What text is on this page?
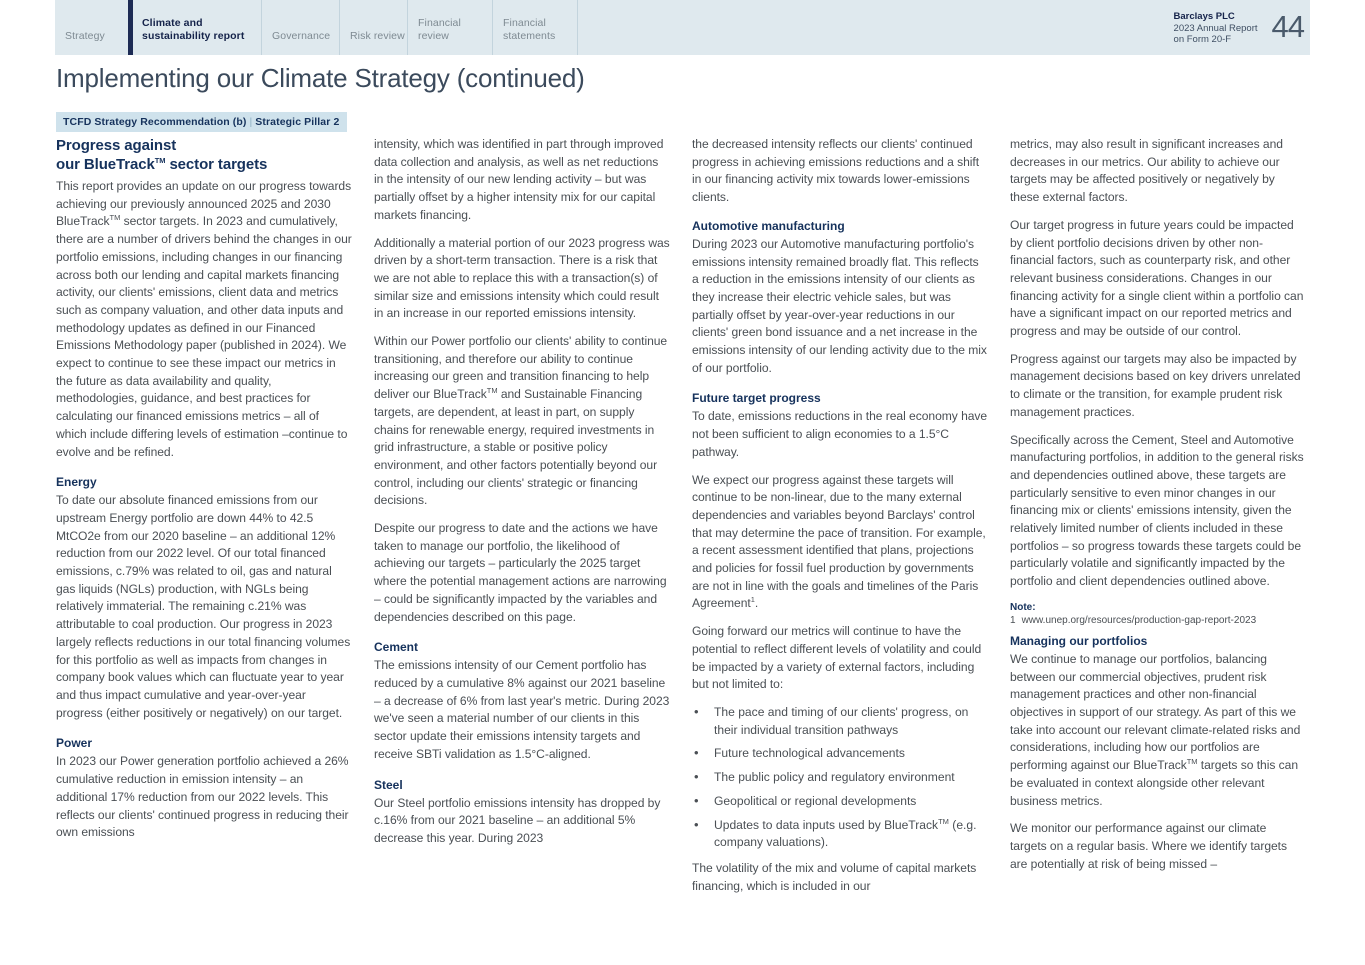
Strategy
Climate and sustainability report	Governance Risk review
Financial review
Financial statements
Barclays PLC
2023 Annual Report
on Form 20-F	44
Implementing our Climate Strategy (continued)
TCFD Strategy Recommendation (b) | Strategic Pillar 2
Progress against
our BlueTrack™ sector targets

This report provides an update on our progress towards achieving our previously announced 2025 and 2030 BlueTrack™ sector targets. In 2023 and cumulatively, there are a number of drivers behind the changes in our portfolio emissions, including changes in our financing across both our lending and capital markets financing activity, our clients' emissions, client data and metrics such as company valuation, and other data inputs and methodology updates as defined in our Financed Emissions Methodology paper (published in 2024). We expect to continue to see these impact our metrics in the future as data availability and quality, methodologies, guidance, and best practices for calculating our financed emissions metrics – all of which include differing levels of estimation –continue to evolve and be refined.

Energy

To date our absolute financed emissions from our upstream Energy portfolio are down 44% to 42.5 MtCO2e from our 2020 baseline – an additional 12% reduction from our 2022 level. Of our total financed emissions, c.79% was related to oil, gas and natural gas liquids (NGLs) production, with NGLs being relatively immaterial. The remaining c.21% was attributable to coal production. Our progress in 2023 largely reflects reductions in our total financing volumes for this portfolio as well as impacts from changes in company book values which can fluctuate year to year and thus impact cumulative and year-over-year progress (either positively or negatively) on our target.

Power

In 2023 our Power generation portfolio achieved a 26% cumulative reduction in emission intensity – an additional 17% reduction from our 2022 levels. This reflects our clients' continued progress in reducing their own emissions

intensity, which was identified in part through improved data collection and analysis, as well as net reductions in the intensity of our new lending activity – but was partially offset by a higher intensity mix for our capital markets financing.

Additionally a material portion of our 2023 progress was driven by a short-term transaction. There is a risk that we are not able to replace this with a transaction(s) of similar size and emissions intensity which could result in an increase in our reported emissions intensity.

Within our Power portfolio our clients' ability to continue transitioning, and therefore our ability to continue increasing our green and transition financing to help deliver our BlueTrack™ and Sustainable Financing targets, are dependent, at least in part, on supply chains for renewable energy, required investments in grid infrastructure, a stable or positive policy environment, and other factors potentially beyond our control, including our clients' strategic or financing decisions.

Despite our progress to date and the actions we have taken to manage our portfolio, the likelihood of achieving our targets – particularly the 2025 target where the potential management actions are narrowing – could be significantly impacted by the variables and dependencies described on this page.

Cement

The emissions intensity of our Cement portfolio has reduced by a cumulative 8% against our 2021 baseline – a decrease of 6% from last year's metric. During 2023 we've seen a material number of our clients in this sector update their emissions intensity targets and receive SBTi validation as 1.5°C-aligned.

Steel

Our Steel portfolio emissions intensity has dropped by c.16% from our 2021 baseline – an additional 5% decrease this year. During 2023

the decreased intensity reflects our clients' continued progress in achieving emissions reductions and a shift in our financing activity mix towards lower-emissions clients.

Automotive manufacturing

During 2023 our Automotive manufacturing portfolio's emissions intensity remained broadly flat. This reflects a reduction in the emissions intensity of our clients as they increase their electric vehicle sales, but was partially offset by year-over-year reductions in our clients' green bond issuance and a net increase in the emissions intensity of our lending activity due to the mix of our portfolio.

Future target progress

To date, emissions reductions in the real economy have not been sufficient to align economies to a 1.5°C pathway.

We expect our progress against these targets will continue to be non-linear, due to the many external dependencies and variables beyond Barclays' control that may determine the pace of transition. For example, a recent assessment identified that plans, projections and policies for fossil fuel production by governments are not in line with the goals and timelines of the Paris Agreement$^1$.

Going forward our metrics will continue to have the potential to reflect different levels of volatility and could be impacted by a variety of external factors, including but not limited to:

• The pace and timing of our clients' progress, on their individual transition pathways
• Future technological advancements
• The public policy and regulatory environment
• Geopolitical or regional developments
• Updates to data inputs used by BlueTrack™ (e.g. company valuations).

The volatility of the mix and volume of capital markets financing, which is included in our

metrics, may also result in significant increases and decreases in our metrics. Our ability to achieve our targets may be affected positively or negatively by these external factors.

Our target progress in future years could be impacted by client portfolio decisions driven by other non-financial factors, such as counterparty risk, and other relevant business considerations. Changes in our financing activity for a single client within a portfolio can have a significant impact on our reported metrics and progress and may be outside of our control.

Progress against our targets may also be impacted by management decisions based on key drivers unrelated to climate or the transition, for example prudent risk management practices.

Specifically across the Cement, Steel and Automotive manufacturing portfolios, in addition to the general risks and dependencies outlined above, these targets are particularly sensitive to even minor changes in our financing mix or clients' emissions intensity, given the relatively limited number of clients included in these portfolios – so progress towards these targets could be particularly volatile and significantly impacted by the portfolio and client dependencies outlined above.

Note:
1 www.unep.org/resources/production-gap-report-2023
Managing our portfolios

We continue to manage our portfolios, balancing between our commercial objectives, prudent risk management practices and other non-financial objectives in support of our strategy. As part of this we take into account our relevant climate-related risks and considerations, including how our portfolios are performing against our BlueTrack™ targets so this can be evaluated in context alongside other relevant business metrics.

We monitor our performance against our climate targets on a regular basis. Where we identify targets are potentially at risk of being missed –
